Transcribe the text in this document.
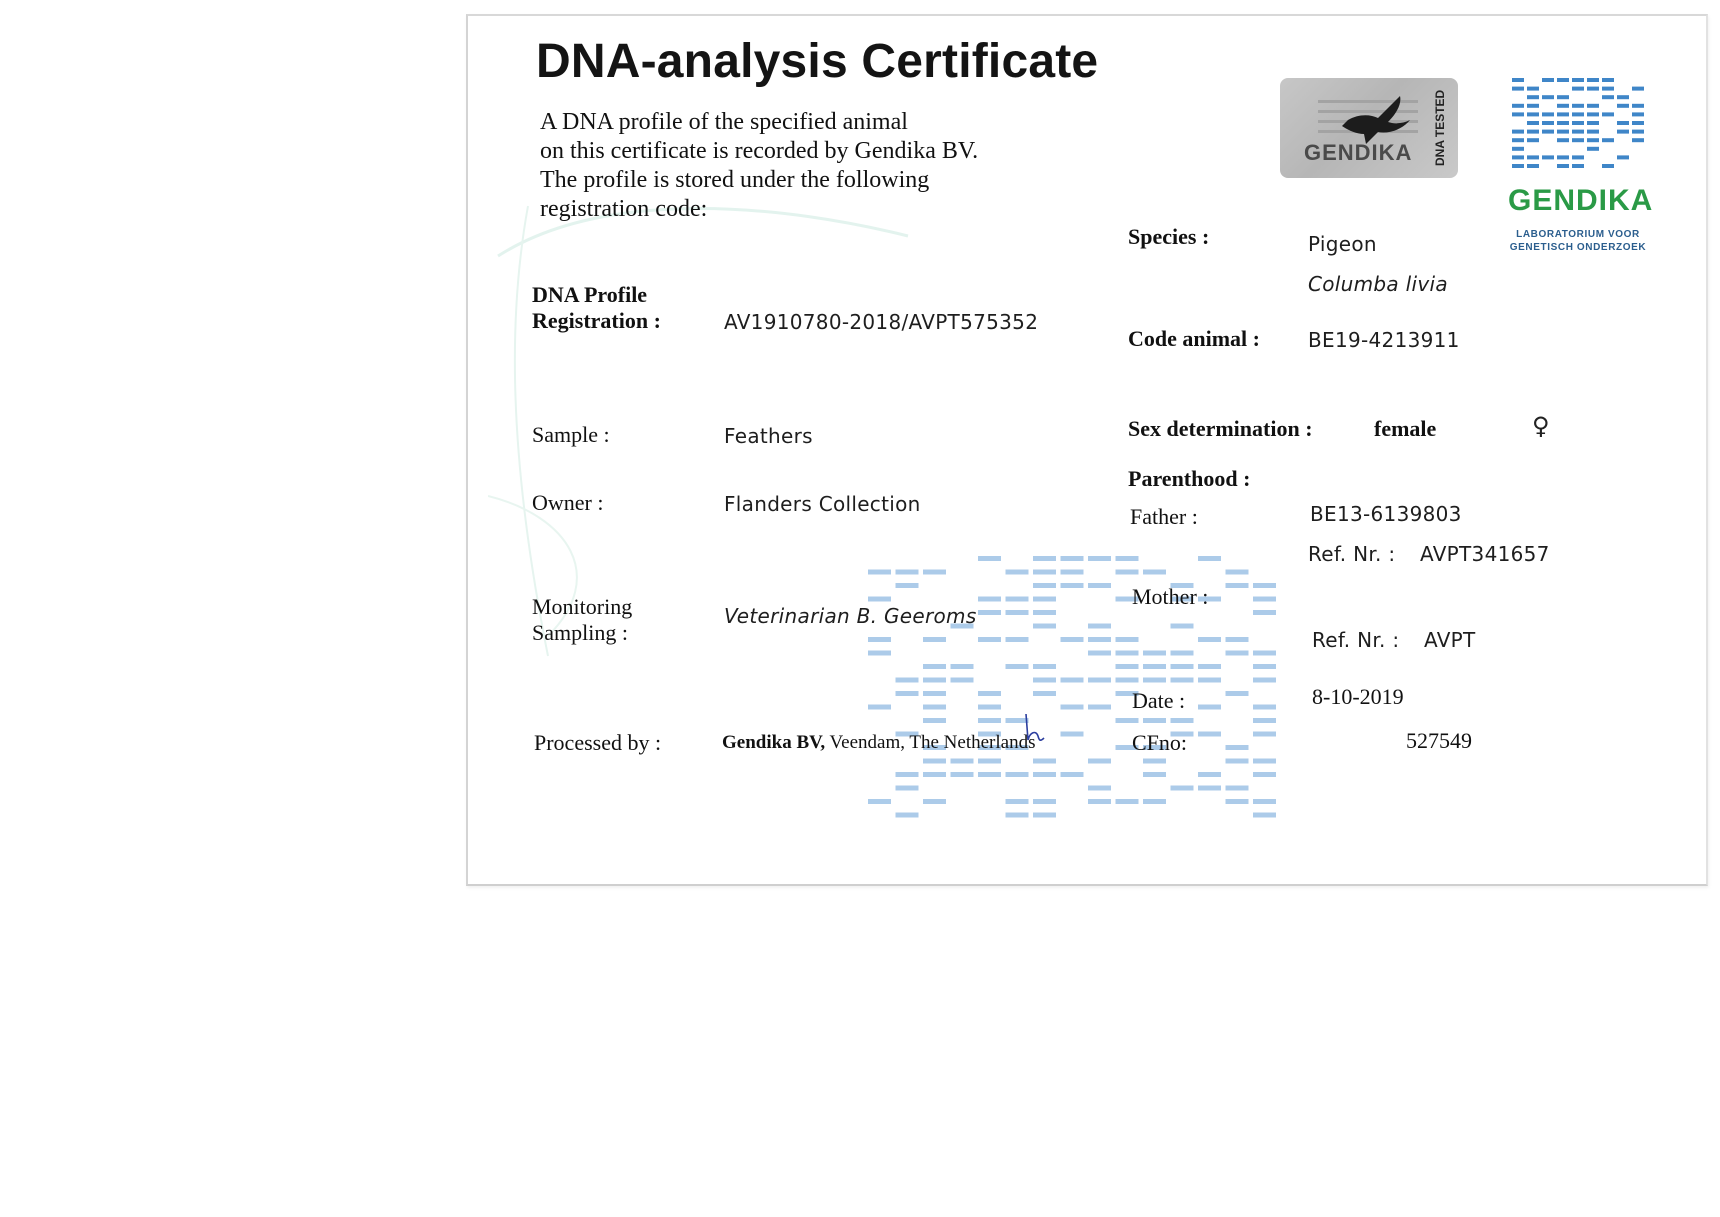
DNA-analysis Certificate
A DNA profile of the specified animal
on this certificate is recorded by Gendika BV.
The profile is stored under the following
registration code:
GENDIKA DNA TESTED
GENDIKA
LABORATORIUM VOOR
GENETISCH ONDERZOEK
DNA Profile
Registration :	AV1910780-2018/AVPT575352
Sample :	Feathers
Owner :	Flanders Collection
Monitoring
Sampling :
Veterinarian B. Geeroms
Processed by :	Gendika BV, Veendam, The Netherlands
Species :	Pigeon
Columba livia
Code animal : BE19-4213911
Sex determination :	female	♀
Parenthood :
Father :	BE13-6139803
Ref. Nr. : AVPT341657
Mother :
Ref. Nr. : AVPT
Date :	8-10-2019
CFno:	527549
